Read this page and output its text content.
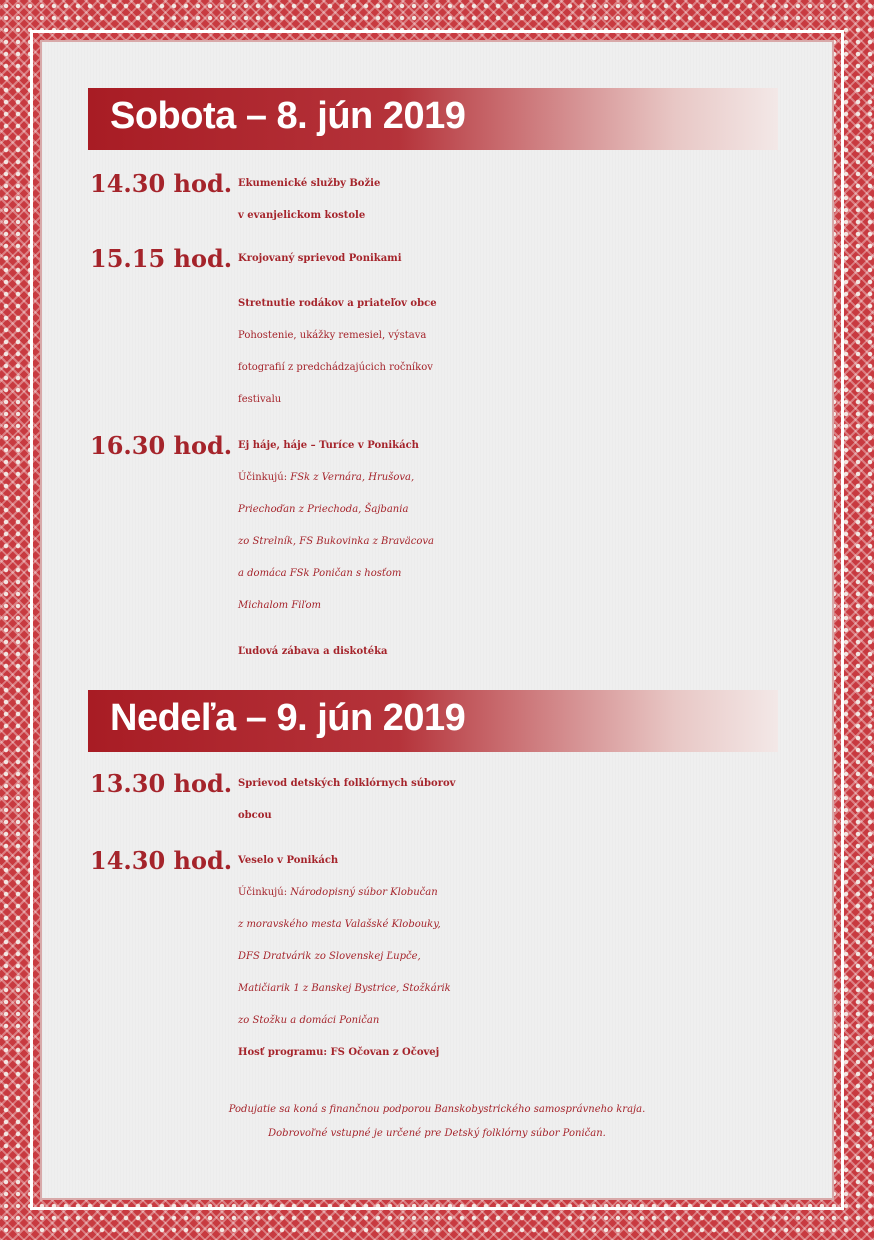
Sobota – 8. jún 2019
14.30 hod. Ekumenické služby Božie
v evanjelickom kostole
15.15 hod. Krojovaný sprievod Ponikami
Stretnutie rodákov a priateľov obce
Pohostenie, ukážky remesiel, výstava
fotografií z predchádzajúcich ročníkov
festivalu
16.30 hod. Ej háje, háje – Turíce v Ponikách
Účinkujú: FSk z Vernára, Hrušova,
Priechoďan z Priechoda, Šajbania
zo Strelník, FS Bukovinka z Braväcova
a domáca FSk Poničan s hosťom
Michalom Fiľom
Ľudová zábava a diskotéka
Nedeľa – 9. jún 2019
13.30 hod. Sprievod detských folklórnych súborov
obcou
14.30 hod. Veselo v Ponikách
Účinkujú: Národopisný súbor Klobučan
z moravského mesta Valašské Klobouky,
DFS Dratvárik zo Slovenskej Ľupče,
Matičiarik 1 z Banskej Bystrice, Stožkárik
zo Stožku a domáci Poničan
Hosť programu: FS Očovan z Očovej
Podujatie sa koná s finančnou podporou Banskobystrického samosprávneho kraja.
Dobrovoľné vstupné je určené pre Detský folklórny súbor Poničan.
